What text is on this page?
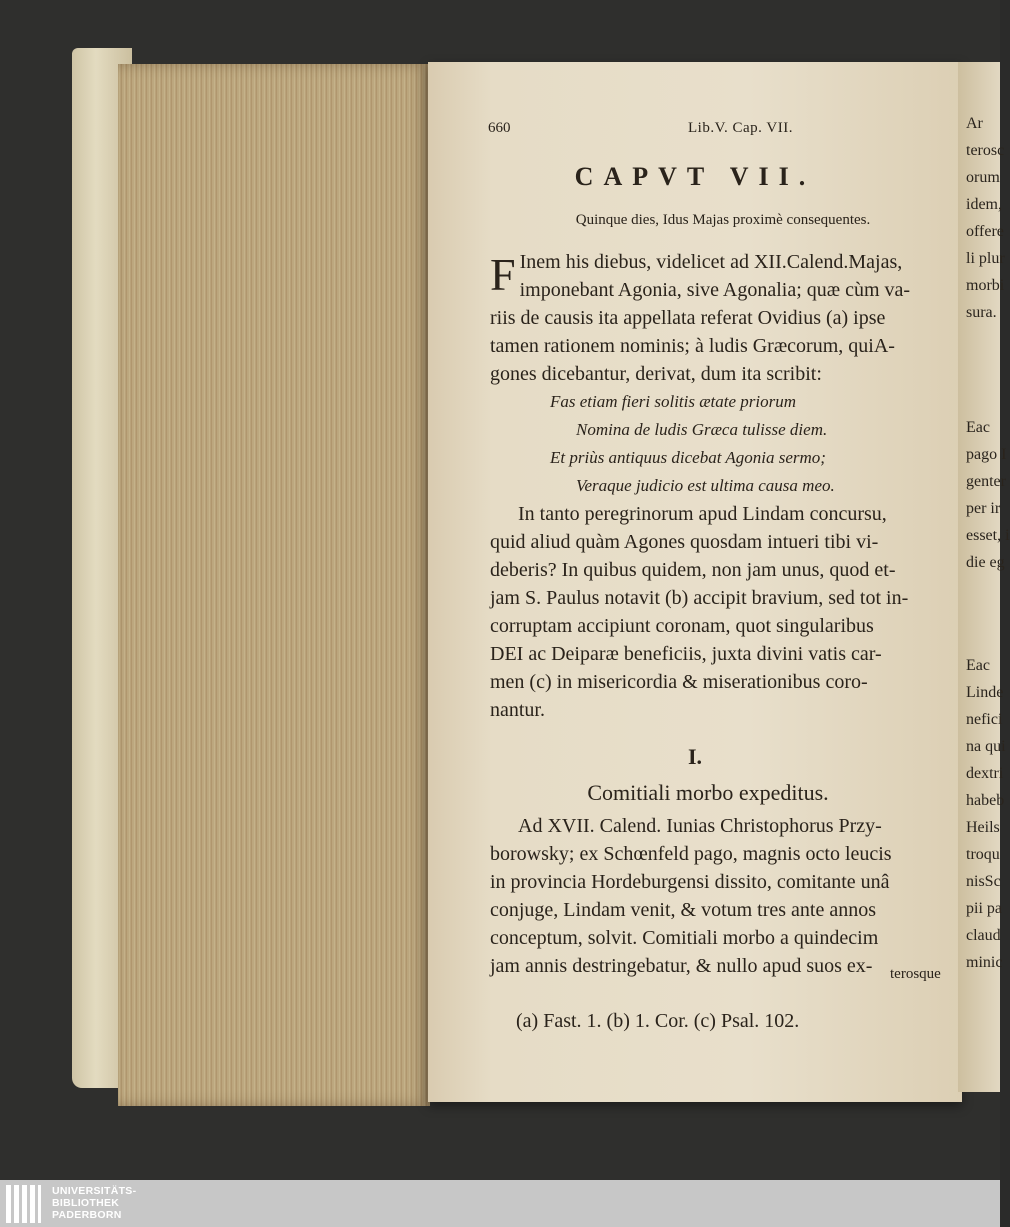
660	Lib.V. Cap. VII.
CAPVT VII.
Quinque dies, Idus Majas proximè consequentes.
F Inem his diebus, videlicet ad XII.Calend.Majas,

imponebant Agonia, sive Agonalia; quæ cùm va-

riis de causis ita appellata referat Ovidius (a) ipse

tamen rationem nominis; à ludis Græcorum, quiA-

gones dicebantur, derivat, dum ita scribit:

Fas etiam fieri solitis ætate priorum

Nomina de ludis Græca tulisse diem.

Et priùs antiquus dicebat Agonia sermo;

Veraque judicio est ultima causa meo.

In tanto peregrinorum apud Lindam concursu,

quid aliud quàm Agones quosdam intueri tibi vi-

deberis? In quibus quidem, non jam unus, quod et-

jam S. Paulus notavit (b) accipit bravium, sed tot in-

corruptam accipiunt coronam, quot singularibus

DEI ac Deiparæ beneficiis, juxta divini vatis car-

men (c) in misericordia & miserationibus coro-

nantur.

I.
Comitiali morbo expeditus.

Ad XVII. Calend. Iunias Christophorus Przy-

borowsky; ex Schœnfeld pago, magnis octo leucis

in provincia Hordeburgensi dissito, comitante unâ

conjuge, Lindam venit, & votum tres ante annos

conceptum, solvit. Comitiali morbo a quindecim

jam annis destringebatur, & nullo apud suos ex-	terosque
(a) Fast. 1. (b) 1. Cor. (c) Psal. 102.

Ar

terosc

orum

idem,

offere

li plur

morbi

sura.

Eac

pago I

genter

per ir

esset, i

die eg

Eac

Linde

nefici

na qui

dextri

habeb

Heils

troqu

nisSc

pii pa

claud

minic

UNIVERSITÄTS-
BIBLIOTHEK
PADERBORN
